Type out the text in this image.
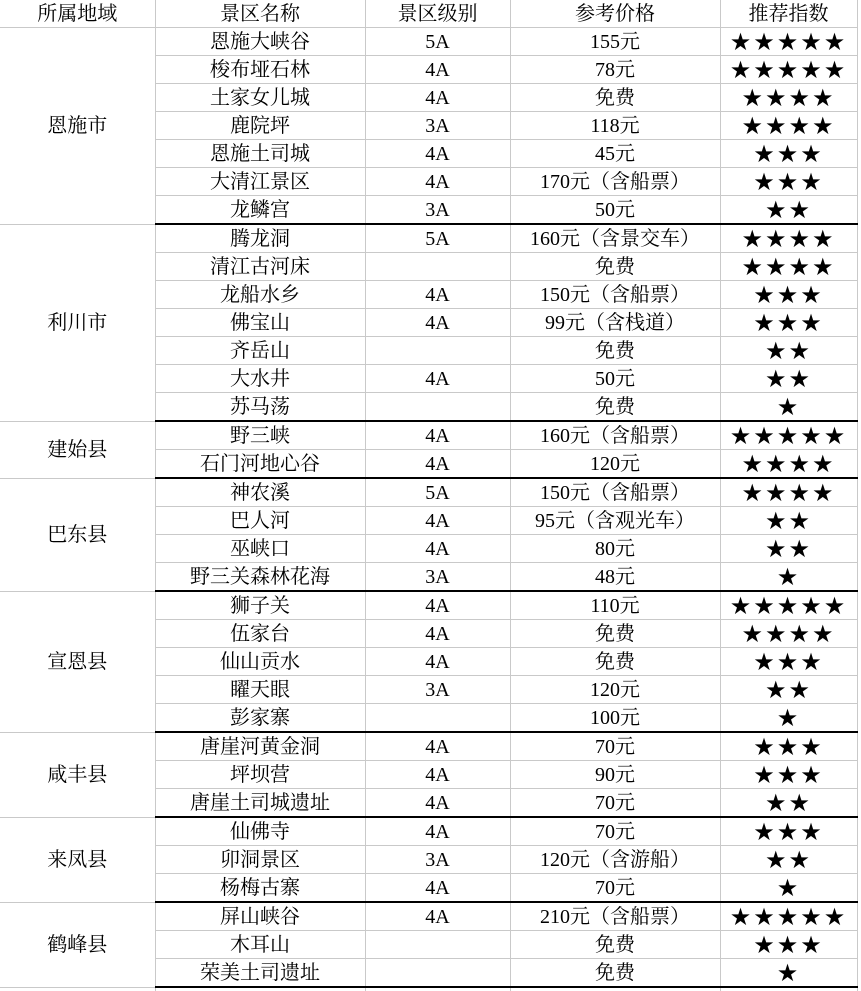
所属地域	景区名称	景区级别	参考价格	推荐指数
恩施市	恩施大峡谷	5A	155元	★★★★★
	梭布垭石林	4A	78元	★★★★★
	土家女儿城	4A	免费	★★★★
	鹿院坪	3A	118元	★★★★
	恩施土司城	4A	45元	★★★
	大清江景区	4A	170元（含船票）	★★★
	龙鳞宫	3A	50元	★★
利川市	腾龙洞	5A	160元（含景交车）	★★★★
	清江古河床		免费	★★★★
	龙船水乡	4A	150元（含船票）	★★★
	佛宝山	4A	99元（含栈道）	★★★
	齐岳山		免费	★★
	大水井	4A	50元	★★
	苏马荡		免费	★
建始县	野三峡	4A	160元（含船票）	★★★★★
	石门河地心谷	4A	120元	★★★★
巴东县	神农溪	5A	150元（含船票）	★★★★
	巴人河	4A	95元（含观光车）	★★
	巫峡口	4A	80元	★★
	野三关森林花海	3A	48元	★
宣恩县	狮子关	4A	110元	★★★★★
	伍家台	4A	免费	★★★★
	仙山贡水	4A	免费	★★★
	矅天眼	3A	120元	★★
	彭家寨		100元	★
咸丰县	唐崖河黄金洞	4A	70元	★★★
	坪坝营	4A	90元	★★★
	唐崖土司城遗址	4A	70元	★★
来凤县	仙佛寺	4A	70元	★★★
	卯洞景区	3A	120元（含游船）	★★
	杨梅古寨	4A	70元	★
鹤峰县	屏山峡谷	4A	210元（含船票）	★★★★★
	木耳山		免费	★★★
	荣美土司遗址		免费	★
